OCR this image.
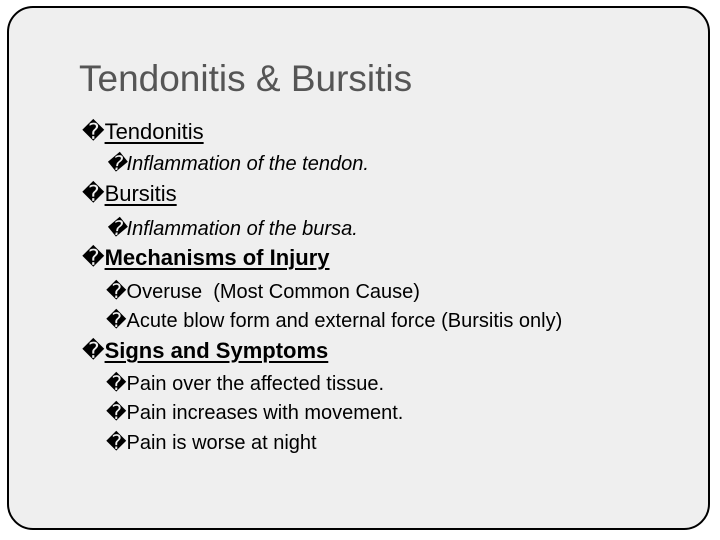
Tendonitis & Bursitis
�Tendonitis
�Inflammation of the tendon.
�Bursitis
�Inflammation of the bursa.
�Mechanisms of Injury
�Overuse  (Most Common Cause)
�Acute blow form and external force (Bursitis only)
�Signs and Symptoms
�Pain over the affected tissue.
�Pain increases with movement.
�Pain is worse at night
